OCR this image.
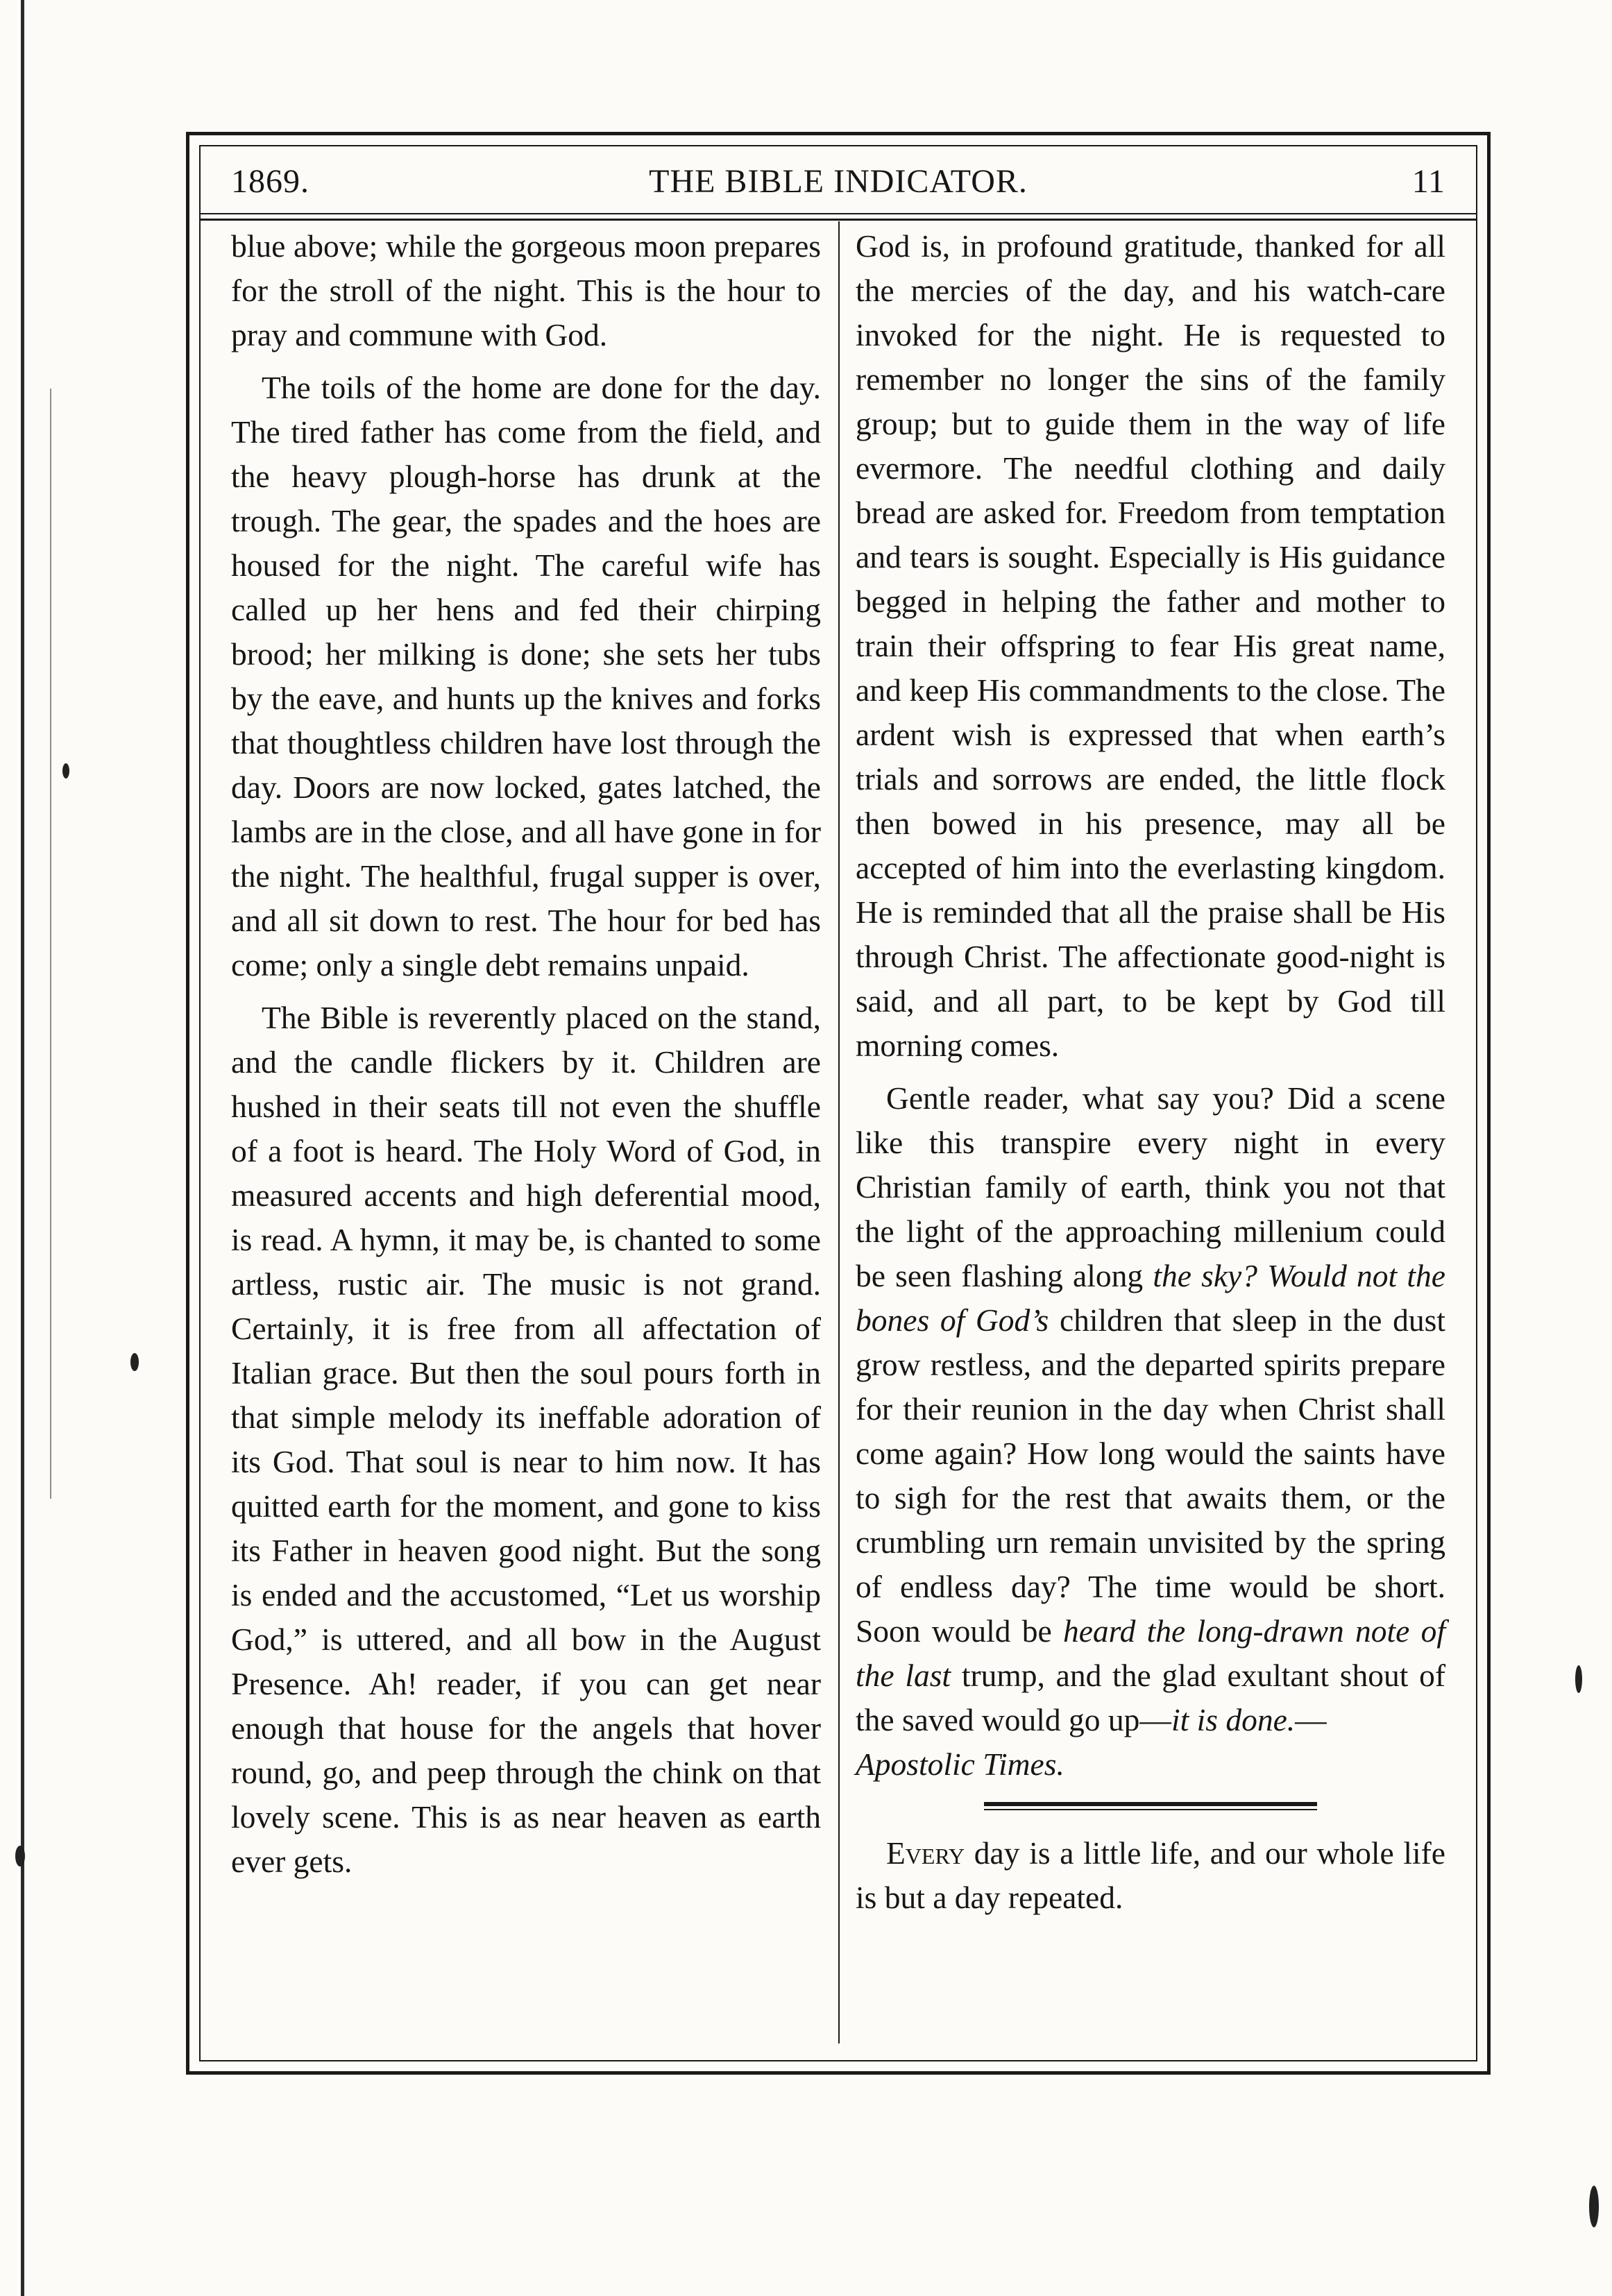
1869.	THE BIBLE INDICATOR.	11

blue above; while the gorgeous moon prepares for the stroll of the night. This is the hour to pray and commune with God.

The toils of the home are done for the day. The tired father has come from the field, and the heavy plough-horse has drunk at the trough. The gear, the spades and the hoes are housed for the night. The careful wife has called up her hens and fed their chirping brood; her milking is done; she sets her tubs by the eave, and hunts up the knives and forks that thoughtless children have lost through the day. Doors are now locked, gates latched, the lambs are in the close, and all have gone in for the night. The healthful, frugal supper is over, and all sit down to rest. The hour for bed has come; only a single debt remains unpaid.

The Bible is reverently placed on the stand, and the candle flickers by it. Children are hushed in their seats till not even the shuffle of a foot is heard. The Holy Word of God, in measured accents and high deferential mood, is read. A hymn, it may be, is chanted to some artless, rustic air. The music is not grand. Certainly, it is free from all affectation of Italian grace. But then the soul pours forth in that simple melody its ineffable adoration of its God. That soul is near to him now. It has quitted earth for the moment, and gone to kiss its Father in heaven good night. But the song is ended and the accustomed, “Let us worship God,” is uttered, and all bow in the August Presence. Ah! reader, if you can get near enough that house for the angels that hover round, go, and peep through the chink on that lovely scene. This is as near heaven as earth ever gets.

God is, in profound gratitude, thanked for all the mercies of the day, and his watch-care invoked for the night. He is requested to remember no longer the sins of the family group; but to guide them in the way of life evermore. The needful clothing and daily bread are asked for. Freedom from temptation and tears is sought. Especially is His guidance begged in helping the father and mother to train their offspring to fear His great name, and keep His commandments to the close. The ardent wish is expressed that when earth’s trials and sorrows are ended, the little flock then bowed in his presence, may all be accepted of him into the everlasting kingdom. He is reminded that all the praise shall be His through Christ. The affectionate good-night is said, and all part, to be kept by God till morning comes.

Gentle reader, what say you? Did a scene like this transpire every night in every Christian family of earth, think you not that the light of the approaching millenium could be seen flashing along the sky? Would not the bones of God’s children that sleep in the dust grow restless, and the departed spirits prepare for their reunion in the day when Christ shall come again? How long would the saints have to sigh for the rest that awaits them, or the crumbling urn remain unvisited by the spring of endless day? The time would be short. Soon would be heard the long-drawn note of the last trump, and the glad exultant shout of the saved would go up—it is done.—

Apostolic Times.

Every day is a little life, and our whole life is but a day repeated.
